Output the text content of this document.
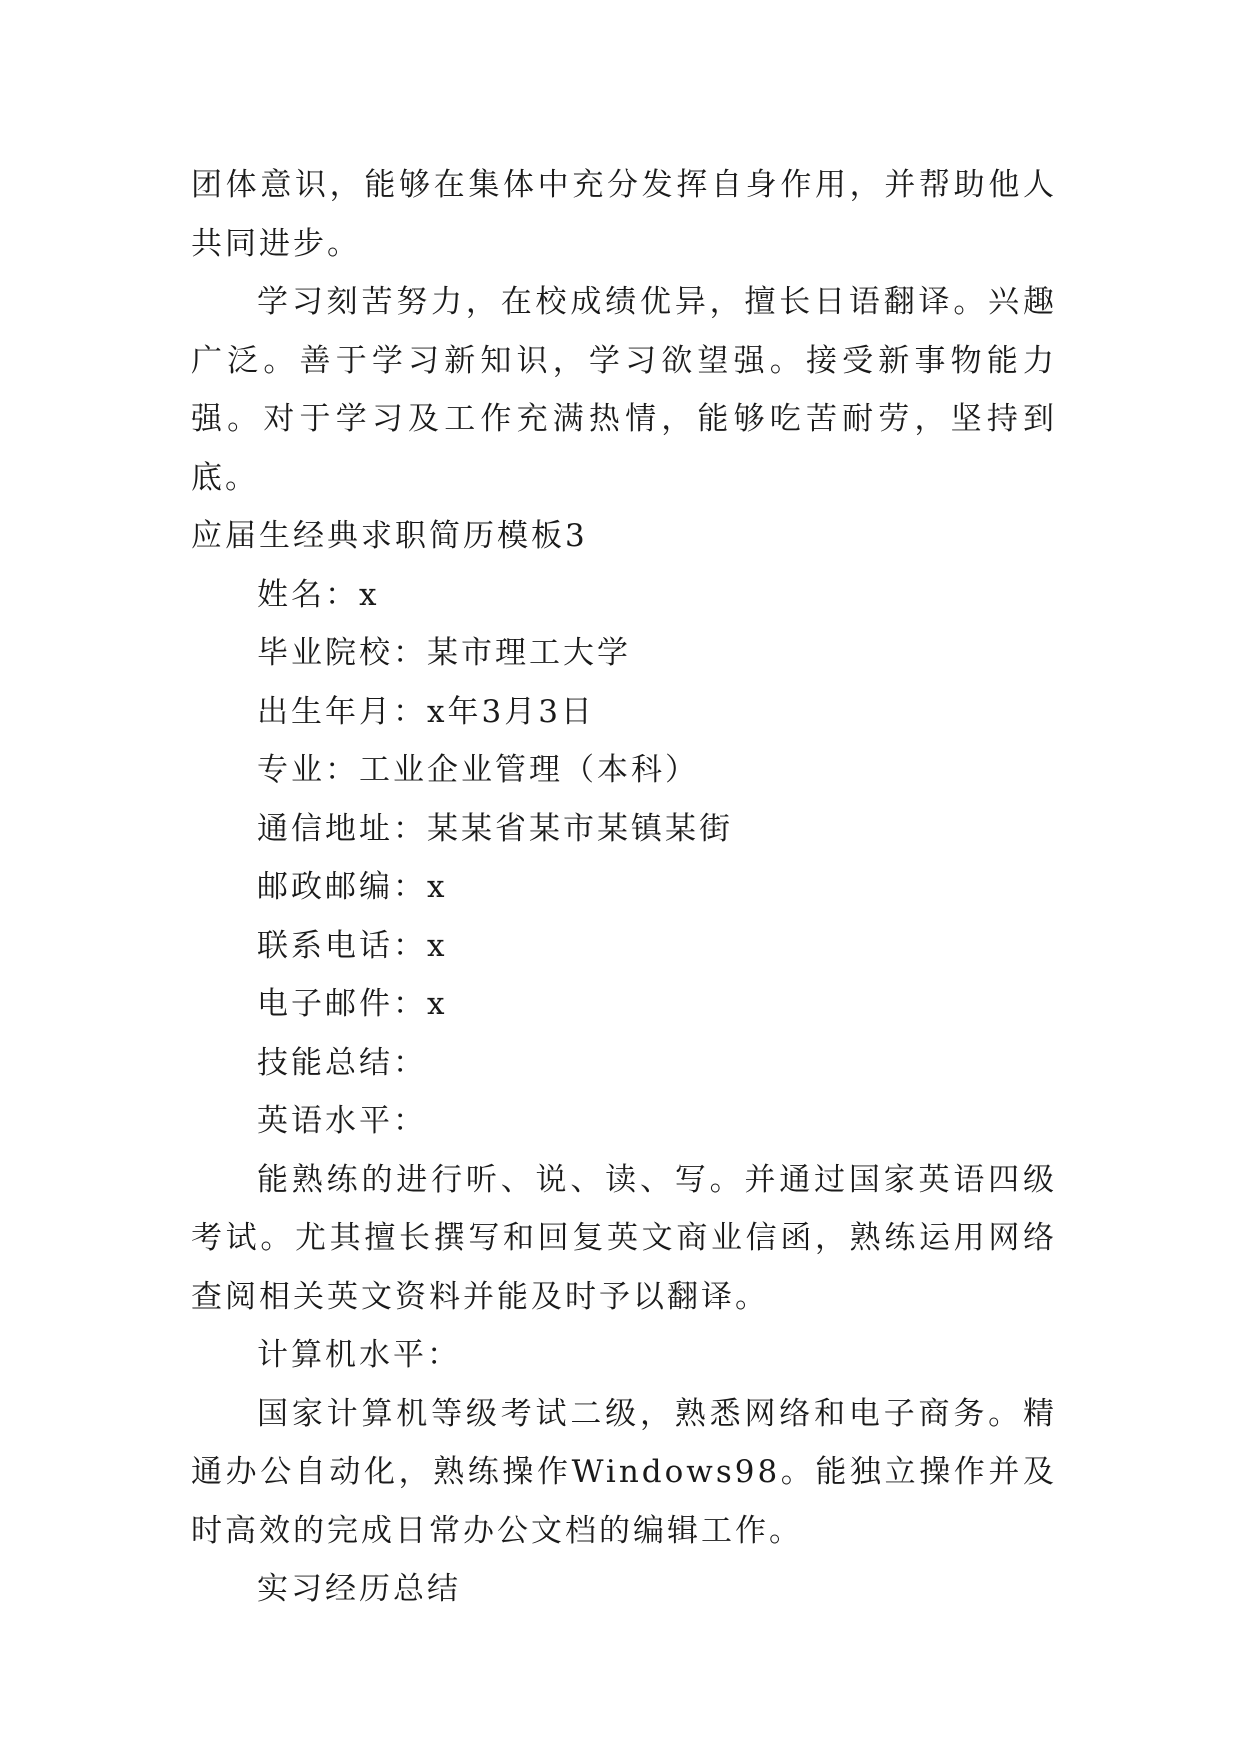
团体意识，能够在集体中充分发挥自身作用，并帮助他人共同进步。

学习刻苦努力，在校成绩优异，擅长日语翻译。兴趣广泛。善于学习新知识，学习欲望强。接受新事物能力强。对于学习及工作充满热情，能够吃苦耐劳，坚持到底。

应届生经典求职简历模板3

姓名：x

毕业院校：某市理工大学

出生年月：x年3月3日

专业：工业企业管理（本科）

通信地址：某某省某市某镇某街

邮政邮编：x

联系电话：x

电子邮件：x

技能总结：

英语水平：

能熟练的进行听、说、读、写。并通过国家英语四级考试。尤其擅长撰写和回复英文商业信函，熟练运用网络查阅相关英文资料并能及时予以翻译。

计算机水平：

国家计算机等级考试二级，熟悉网络和电子商务。精通办公自动化，熟练操作Windows98。能独立操作并及时高效的完成日常办公文档的编辑工作。

实习经历总结
